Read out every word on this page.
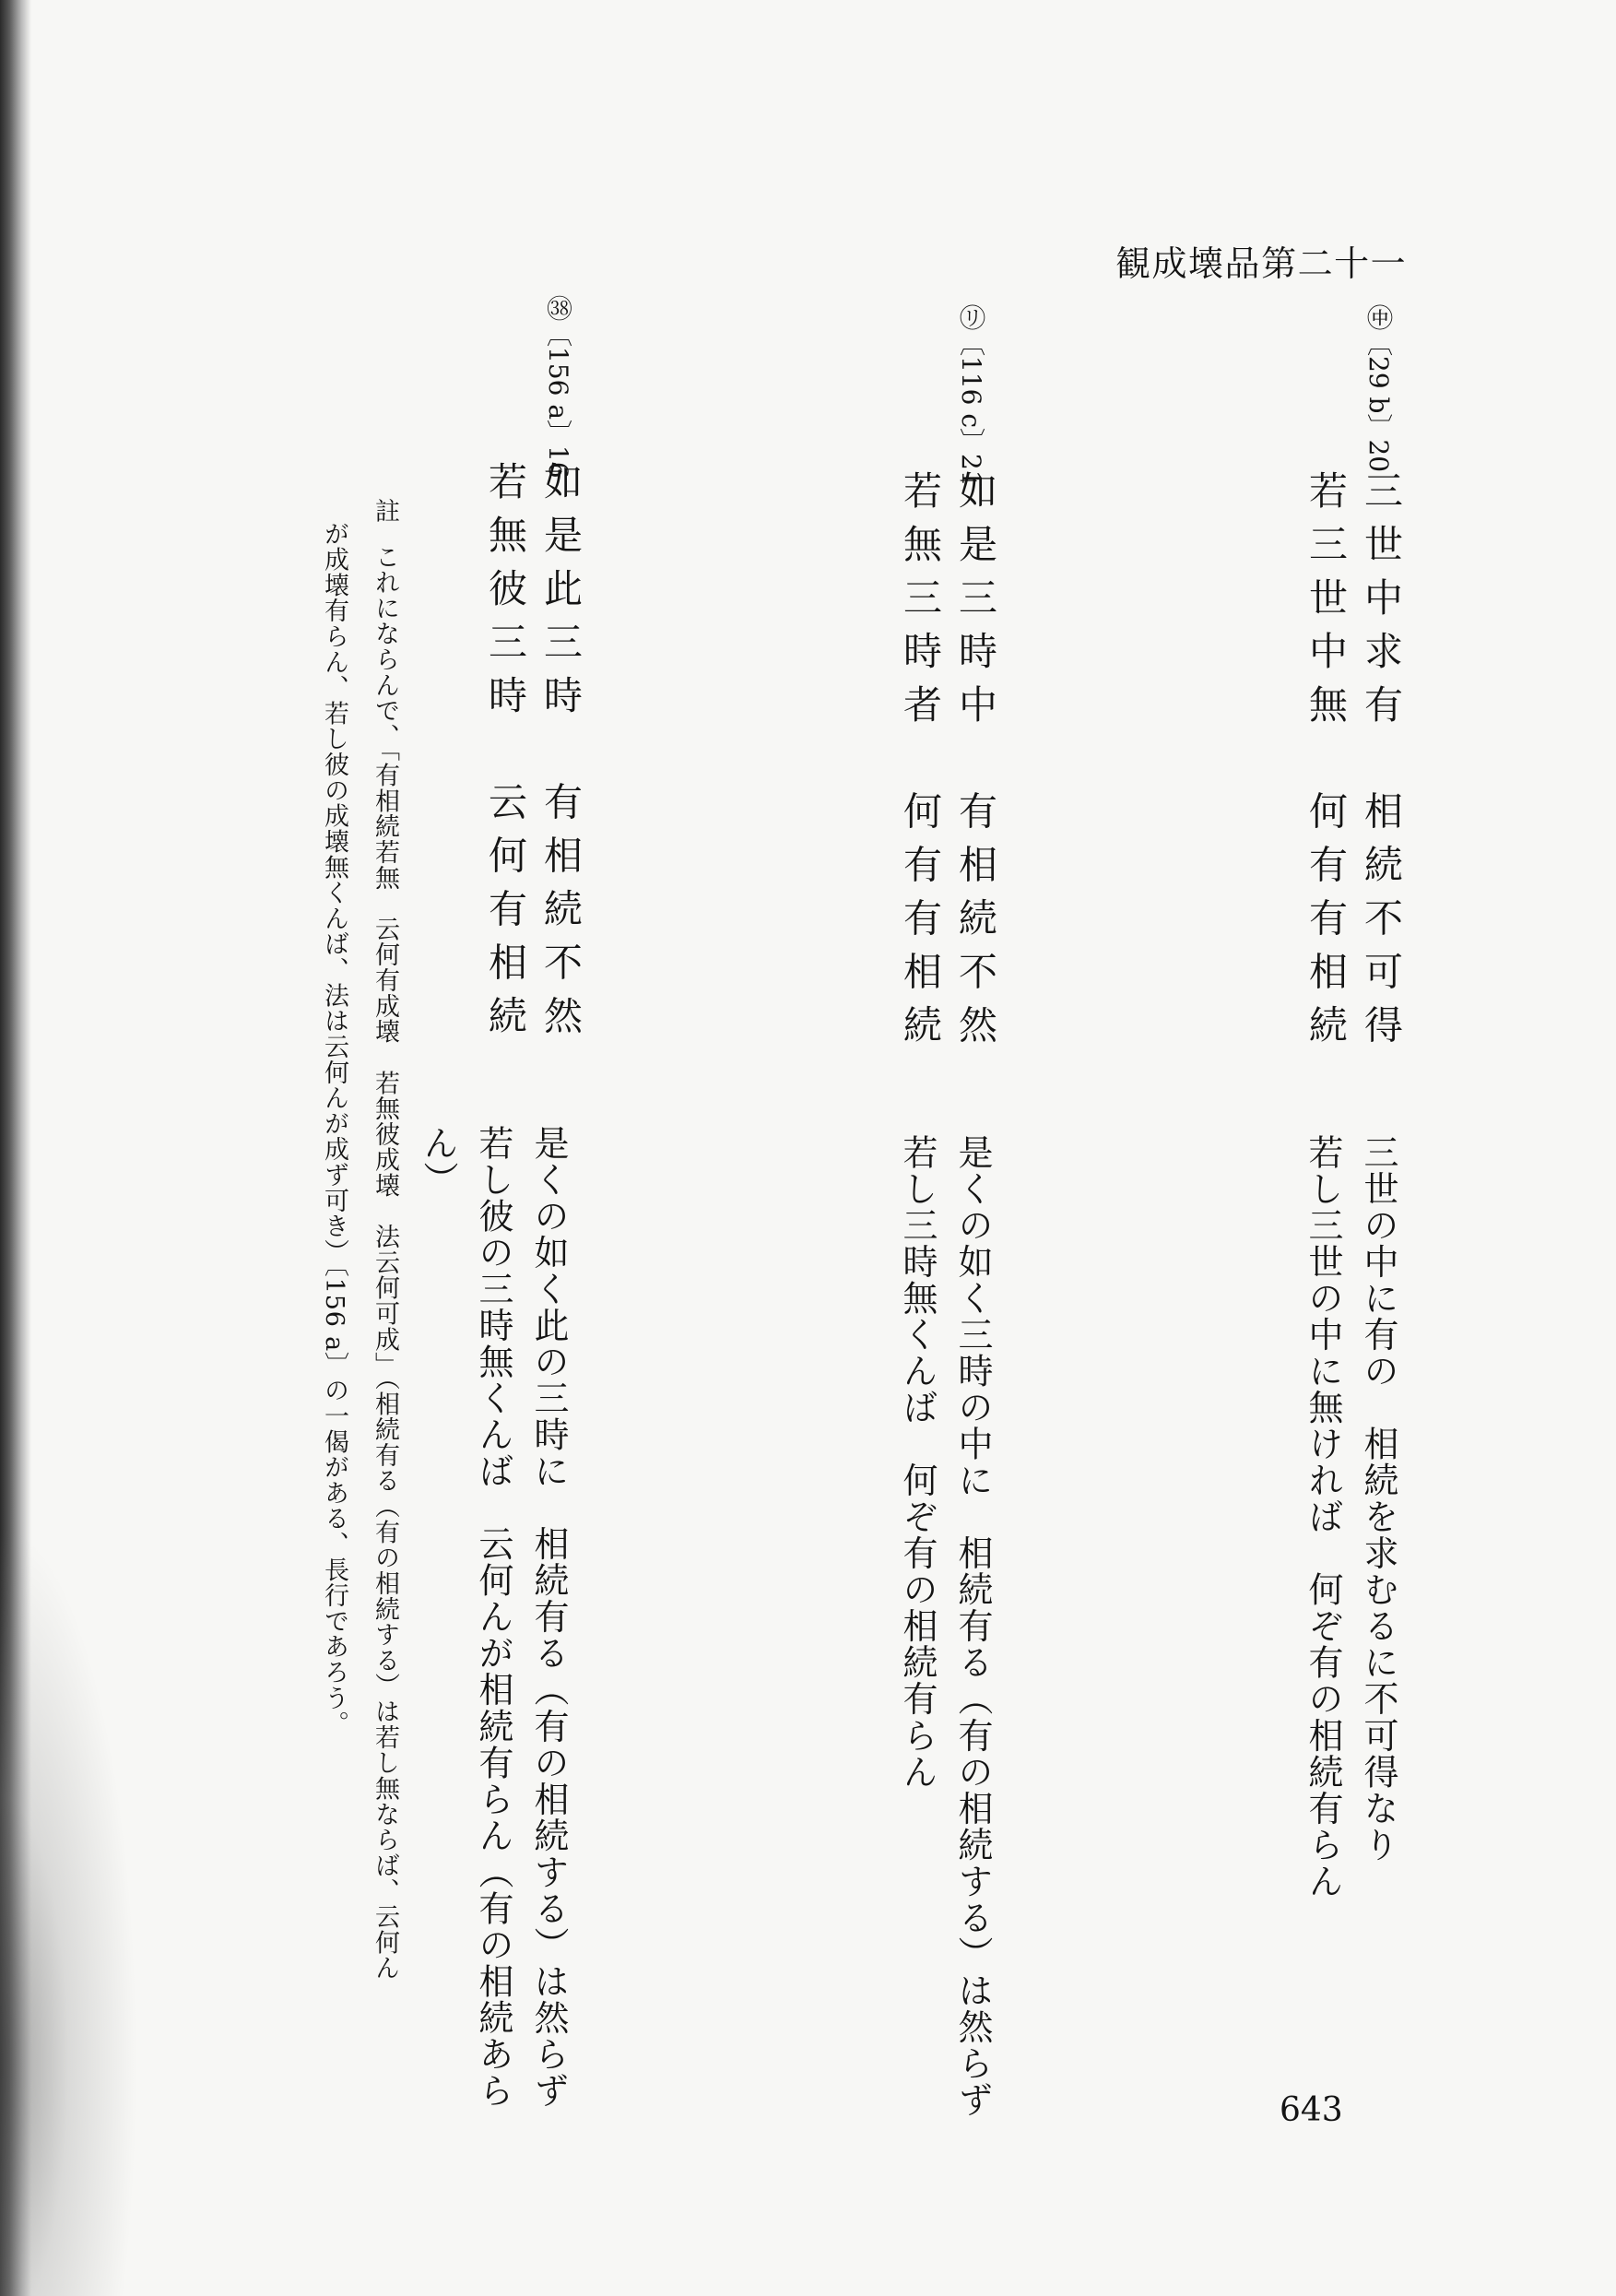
観成壊品第二十一
㊥〔29 b〕20
三世中求有　相続不可得
若三世中無　何有有相続
三世の中に有の　相続を求むるに不可得なり
若し三世の中に無ければ　何ぞ有の相続有らん
㋷〔116 c〕21
如是三時中　有相続不然
若無三時者　何有有相続
是くの如く三時の中に　相続有る（有の相続する）は然らず
若し三時無くんば　何ぞ有の相続有らん
㊳〔156 a〕16
如是此三時　有相続不然
若無彼三時　云何有相続
是くの如く此の三時に　相続有る（有の相続する）は然らず
若し彼の三時無くんば　云何んが相続有らん（有の相続あら
ん）
註
これにならんで、「有相続若無　云何有成壊　若無彼成壊　法云何可成」（相続有る（有の相続する）は若し無ならば、云何ん
が成壊有らん、若し彼の成壊無くんば、法は云何んが成ず可き）〔156 a〕の一偈がある、長行であろう。
643
